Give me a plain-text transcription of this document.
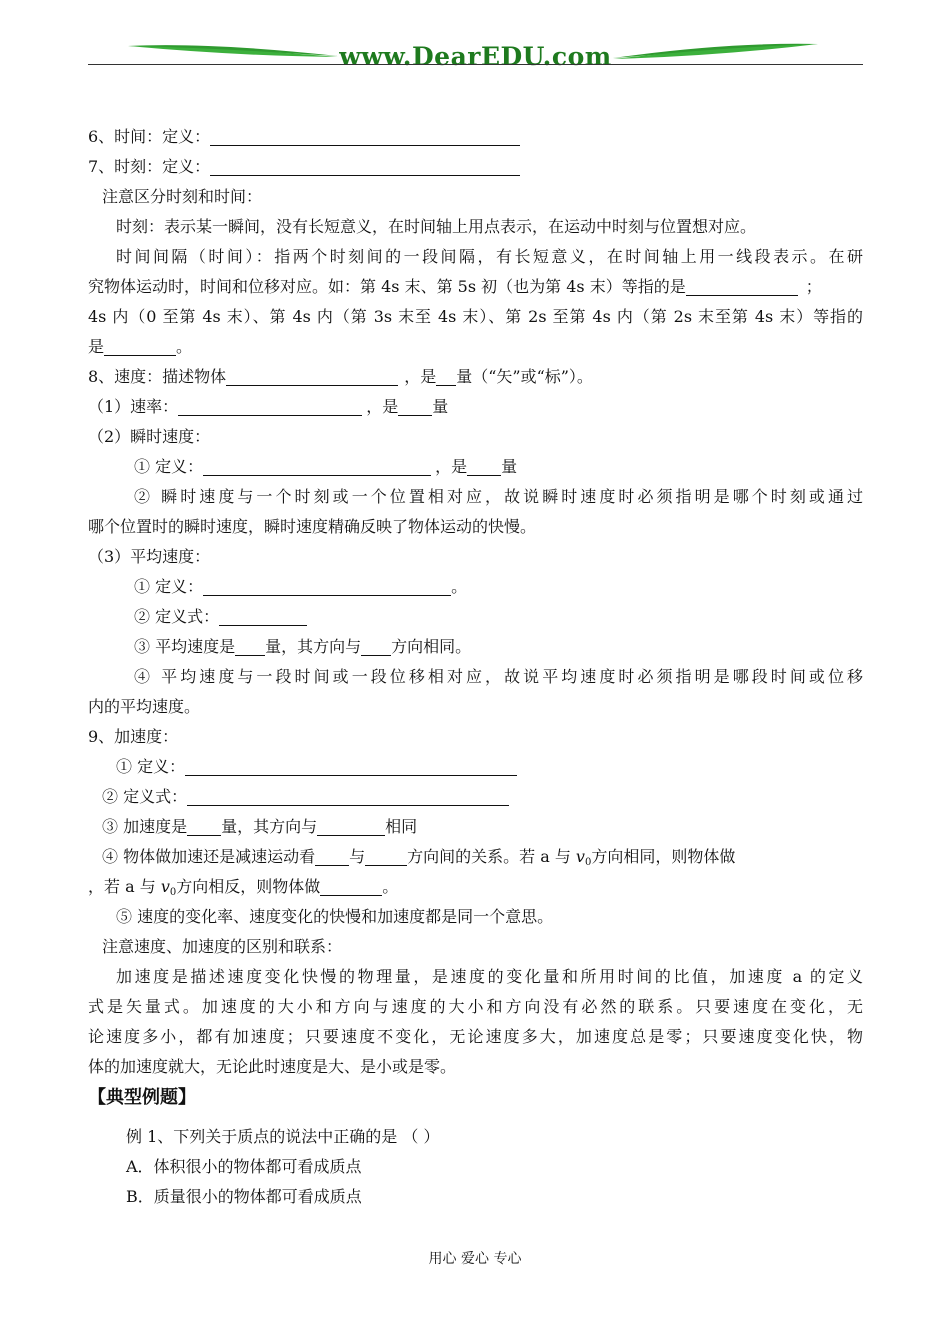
www.DearEDU.com
6、时间：定义：
7、时刻：定义：
注意区分时刻和时间：
时刻：表示某一瞬间，没有长短意义，在时间轴上用点表示，在运动中时刻与位置想对应。
时间间隔（时间）：指两个时刻间的一段间隔，有长短意义，在时间轴上用一线段表示。在研
究物体运动时，时间和位移对应。如：第 4s 末、第 5s 初（也为第 4s 末）等指的是	；
4s 内（0 至第 4s 末）、第 4s 内（第 3s 末至 4s 末）、第 2s 至第 4s 内（第 2s 末至第 4s 末）等指的
是	。
8、速度：描述物体	，是 量（“矢”或“标”）。
（1）速率：	，是 量
（2）瞬时速度：
① 定义：	，是 量
② 瞬时速度与一个时刻或一个位置相对应，故说瞬时速度时必须指明是哪个时刻或通过
哪个位置时的瞬时速度，瞬时速度精确反映了物体运动的快慢。
（3）平均速度：
① 定义：	。
② 定义式：
③ 平均速度是 量，其方向与 方向相同。
④ 平均速度与一段时间或一段位移相对应，故说平均速度时必须指明是哪段时间或位移
内的平均速度。
9、加速度：
① 定义：
② 定义式：
③ 加速度是 量，其方向与	相同
④ 物体做加速还是减速运动看 与	方向间的关系。若 a 与 $v_0$方向相同，则物体做
，若 a 与 $v_0$方向相反，则物体做	。
⑤ 速度的变化率、速度变化的快慢和加速度都是同一个意思。
注意速度、加速度的区别和联系：
加速度是描述速度变化快慢的物理量，是速度的变化量和所用时间的比值，加速度 a 的定义
式是矢量式。加速度的大小和方向与速度的大小和方向没有必然的联系。只要速度在变化，无
论速度多小，都有加速度；只要速度不变化，无论速度多大，加速度总是零；只要速度变化快，物
体的加速度就大，无论此时速度是大、是小或是零。
【典型例题】
例 1、下列关于质点的说法中正确的是 （ ）
A．体积很小的物体都可看成质点
B．质量很小的物体都可看成质点
用心 爱心 专心
